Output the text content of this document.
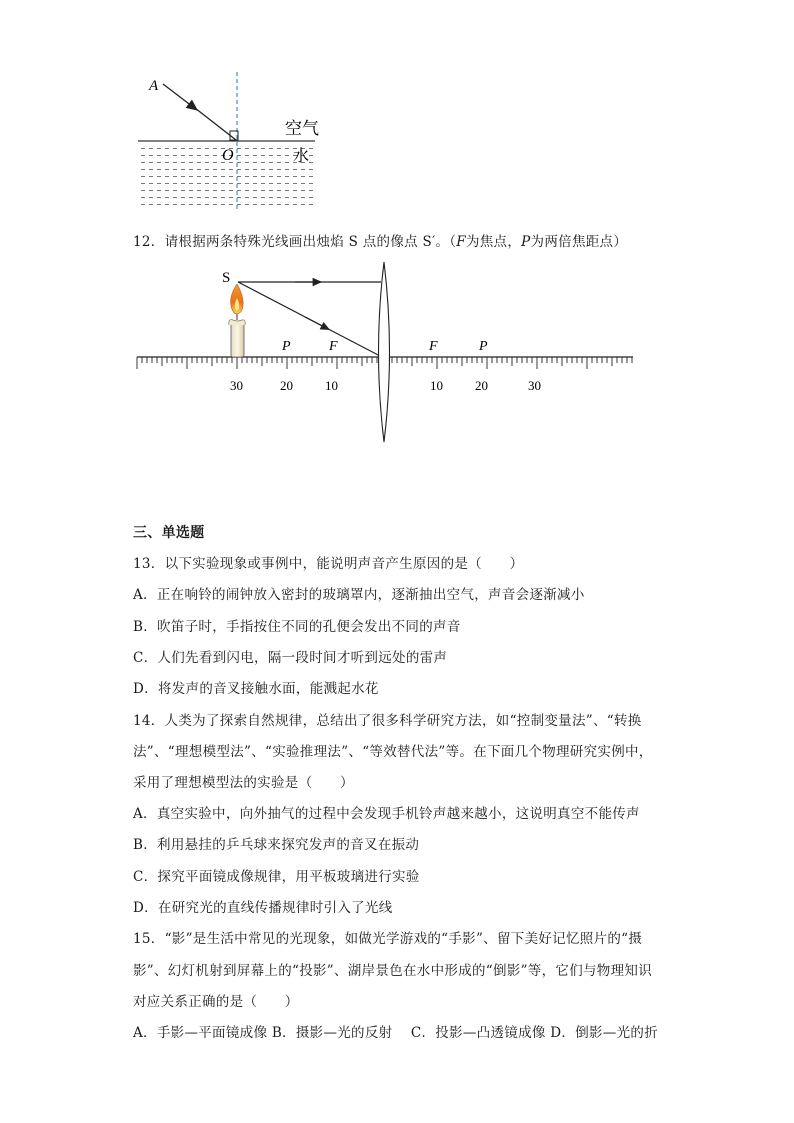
A
O
空气
水
12．请根据两条特殊光线画出烛焰 S 点的像点 S′。（F为焦点，P为两倍焦距点）
S
P	F	F	P
30	20 10	10 20	30
三、单选题
13．以下实验现象或事例中，能说明声音产生原因的是（　　）
A．正在响铃的闹钟放入密封的玻璃罩内，逐渐抽出空气，声音会逐渐减小
B．吹笛子时，手指按住不同的孔便会发出不同的声音
C．人们先看到闪电，隔一段时间才听到远处的雷声
D．将发声的音叉接触水面，能溅起水花
14．人类为了探索自然规律，总结出了很多科学研究方法，如“控制变量法”、“转换
法”、“理想模型法”、“实验推理法”、“等效替代法”等。在下面几个物理研究实例中，
采用了理想模型法的实验是（　　）
A．真空实验中，向外抽气的过程中会发现手机铃声越来越小，这说明真空不能传声
B．利用悬挂的乒乓球来探究发声的音叉在振动
C．探究平面镜成像规律，用平板玻璃进行实验
D．在研究光的直线传播规律时引入了光线
15．“影”是生活中常见的光现象，如做光学游戏的“手影”、留下美好记忆照片的“摄
影”、幻灯机射到屏幕上的“投影”、湖岸景色在水中形成的“倒影”等，它们与物理知识
对应关系正确的是（　　）
A．手影—平面镜成像 B．摄影—光的反射　 C．投影—凸透镜成像 D．倒影—光的折
